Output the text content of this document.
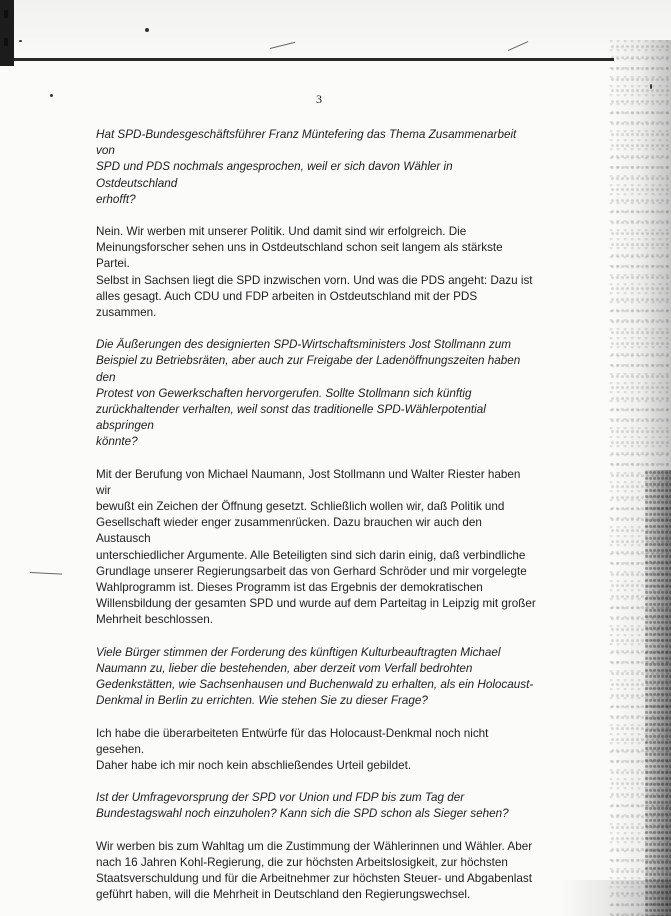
3

Hat SPD-Bundesgeschäftsführer Franz Müntefering das Thema Zusammenarbeit von
SPD und PDS nochmals angesprochen, weil er sich davon Wähler in Ostdeutschland
erhofft?

Nein. Wir werben mit unserer Politik. Und damit sind wir erfolgreich. Die
Meinungsforscher sehen uns in Ostdeutschland schon seit langem als stärkste Partei.
Selbst in Sachsen liegt die SPD inzwischen vorn. Und was die PDS angeht: Dazu ist
alles gesagt. Auch CDU und FDP arbeiten in Ostdeutschland mit der PDS zusammen.

Die Äußerungen des designierten SPD-Wirtschaftsministers Jost Stollmann zum
Beispiel zu Betriebsräten, aber auch zur Freigabe der Ladenöffnungszeiten haben den
Protest von Gewerkschaften hervorgerufen. Sollte Stollmann sich künftig
zurückhaltender verhalten, weil sonst das traditionelle SPD-Wählerpotential abspringen
könnte?

Mit der Berufung von Michael Naumann, Jost Stollmann und Walter Riester haben wir
bewußt ein Zeichen der Öffnung gesetzt. Schließlich wollen wir, daß Politik und
Gesellschaft wieder enger zusammenrücken. Dazu brauchen wir auch den Austausch
unterschiedlicher Argumente. Alle Beteiligten sind sich darin einig, daß verbindliche
Grundlage unserer Regierungsarbeit das von Gerhard Schröder und mir vorgelegte
Wahlprogramm ist. Dieses Programm ist das Ergebnis der demokratischen
Willensbildung der gesamten SPD und wurde auf dem Parteitag in Leipzig mit großer
Mehrheit beschlossen.

Viele Bürger stimmen der Forderung des künftigen Kulturbeauftragten Michael
Naumann zu, lieber die bestehenden, aber derzeit vom Verfall bedrohten
Gedenkstätten, wie Sachsenhausen und Buchenwald zu erhalten, als ein Holocaust-
Denkmal in Berlin zu errichten. Wie stehen Sie zu dieser Frage?

Ich habe die überarbeiteten Entwürfe für das Holocaust-Denkmal noch nicht gesehen.
Daher habe ich mir noch kein abschließendes Urteil gebildet.

Ist der Umfragevorsprung der SPD vor Union und FDP bis zum Tag der
Bundestagswahl noch einzuholen? Kann sich die SPD schon als Sieger sehen?

Wir werben bis zum Wahltag um die Zustimmung der Wählerinnen und Wähler. Aber
nach 16 Jahren Kohl-Regierung, die zur höchsten Arbeitslosigkeit, zur höchsten
Staatsverschuldung und für die Arbeitnehmer zur höchsten Steuer- und Abgabenlast
geführt haben, will die Mehrheit in Deutschland den Regierungswechsel.
